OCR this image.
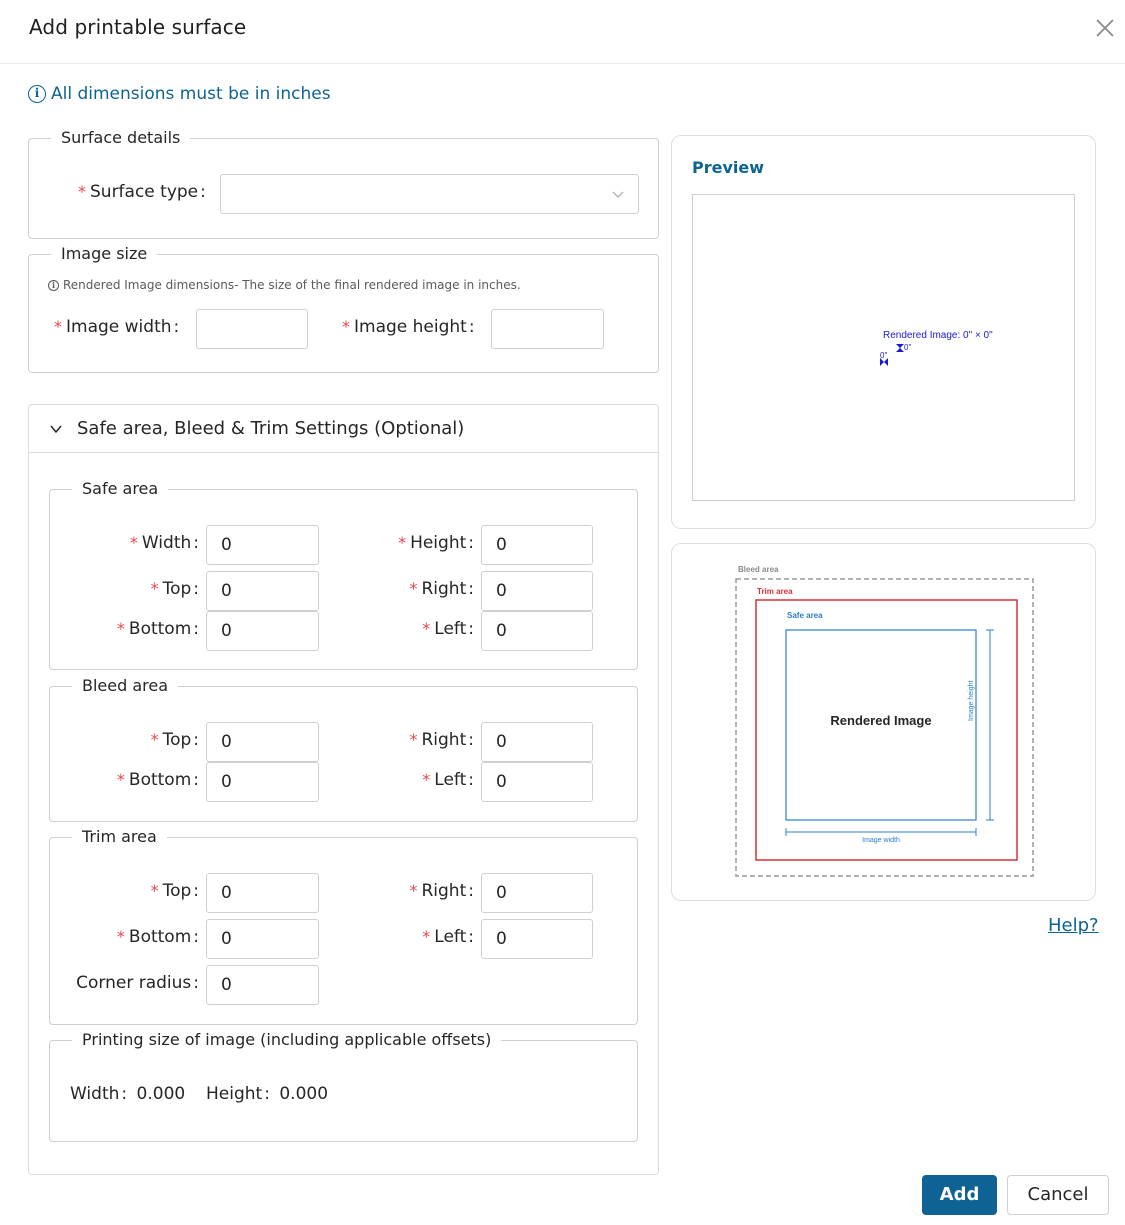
Add printable surface
i All dimensions must be in inches
Surface details
* Surface type :
Image size
i Rendered Image dimensions- The size of the final rendered image in inches.
* Image width :	* Image height :
Safe area, Bleed & Trim Settings (Optional)
Safe area
* Width :
0	* Height :
0
* Top :
0	* Right :
0
* Bottom :
0	* Left :
0
Bleed area
* Top :
0	* Right :
0
* Bottom :
0	* Left :
0
Trim area
* Top :
0	* Right :
0
* Bottom :
0	* Left :
0
Corner radius :
0
Printing size of image (including applicable offsets)
Width : 0.000 Height : 0.000
Preview
Rendered Image: 0" × 0"
0"
0"
Bleed area
Trim area
Safe area
Rendered Image	Image height
Image width
Help?
Add	Cancel
